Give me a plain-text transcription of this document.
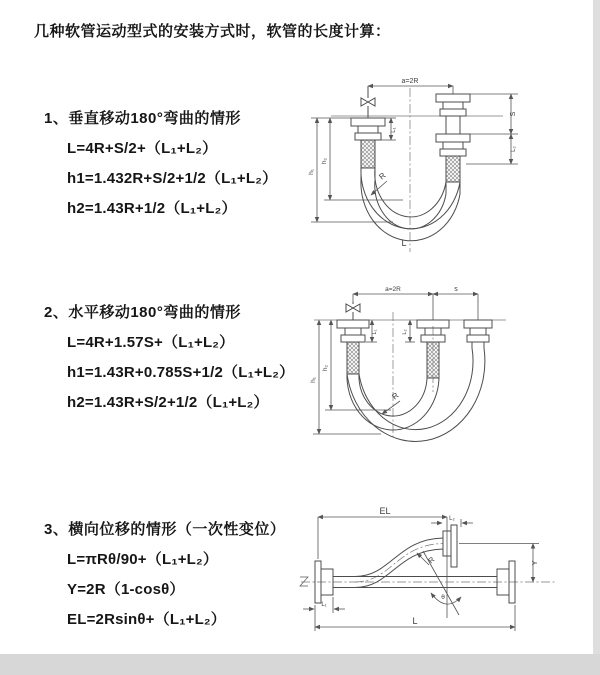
几种软管运动型式的安装方式时，软管的长度计算：
1、垂直移动180°弯曲的情形
L=4R+S/2+（L₁+L₂）
h1=1.432R+S/2+1/2（L₁+L₂）
h2=1.43R+1/2（L₁+L₂）
2、水平移动180°弯曲的情形
L=4R+1.57S+（L₁+L₂）
h1=1.43R+0.785S+1/2（L₁+L₂）
h2=1.43R+S/2+1/2（L₁+L₂）
3、横向位移的情形（一次性变位）
L=πRθ/90+（L₁+L₂）
Y=2R（1-cosθ）
EL=2Rsinθ+（L₁+L₂）
a=2R
S
L₁
L₂
h₁
h₂
R
L
a=2R	s
L₁	L₂
h₁
h₂
R
EL
L₂
Y
L
L₁
R
θ
